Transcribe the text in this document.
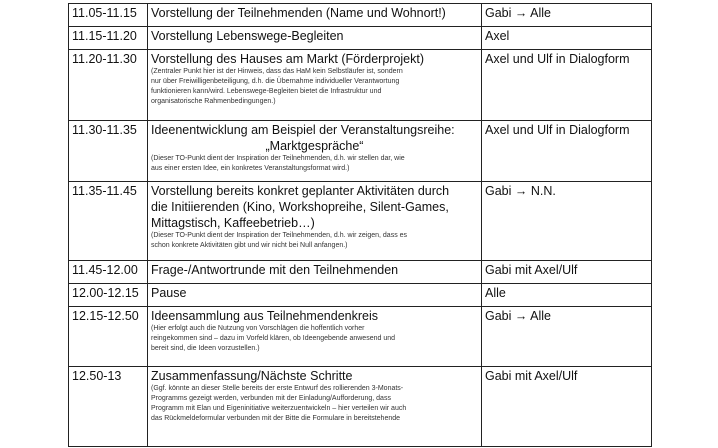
11.05-11.15	Vorstellung der Teilnehmenden (Name und Wohnort!)	Gabi → Alle
11.15-11.20	Vorstellung Lebenswege-Begleiten	Axel
11.20-11.30	Vorstellung des Hauses am Markt (Förderprojekt)
(Zentraler Punkt hier ist der Hinweis, dass das HaM kein Selbstläufer ist, sondern
nur über Freiwilligenbeteiligung, d.h. die Übernahme individueller Verantwortung
funktionieren kann/wird. Lebenswege-Begleiten bietet die Infrastruktur und
organisatorische Rahmenbedingungen.)	Axel und Ulf in Dialogform
11.30-11.35	Ideenentwicklung am Beispiel der Veranstaltungsreihe:
„Marktgespräche“
(Dieser TO-Punkt dient der Inspiration der Teilnehmenden, d.h. wir stellen dar, wie
aus einer ersten Idee, ein konkretes Veranstaltungsformat wird.)	Axel und Ulf in Dialogform
11.35-11.45	Vorstellung bereits konkret geplanter Aktivitäten durch
die Initiierenden (Kino, Workshopreihe, Silent-Games,
Mittagstisch, Kaffeebetrieb…)
(Dieser TO-Punkt dient der Inspiration der Teilnehmenden, d.h. wir zeigen, dass es
schon konkrete Aktivitäten gibt und wir nicht bei Null anfangen.)	Gabi → N.N.
11.45-12.00	Frage-/Antwortrunde mit den Teilnehmenden	Gabi mit Axel/Ulf
12.00-12.15	Pause	Alle
12.15-12.50	Ideensammlung aus Teilnehmendenkreis
(Hier erfolgt auch die Nutzung von Vorschlägen die hoffentlich vorher
reingekommen sind – dazu im Vorfeld klären, ob Ideengebende anwesend und
bereit sind, die Ideen vorzustellen.)	Gabi → Alle
12.50-13	Zusammenfassung/Nächste Schritte
(Ggf. könnte an dieser Stelle bereits der erste Entwurf des rollierenden 3-Monats-
Programms gezeigt werden, verbunden mit der Einladung/Aufforderung, dass
Programm mit Elan und Eigeninitiative weiterzuentwickeln – hier verteilen wir auch
das Rückmeldeformular verbunden mit der Bitte die Formulare in bereitstehende	Gabi mit Axel/Ulf
